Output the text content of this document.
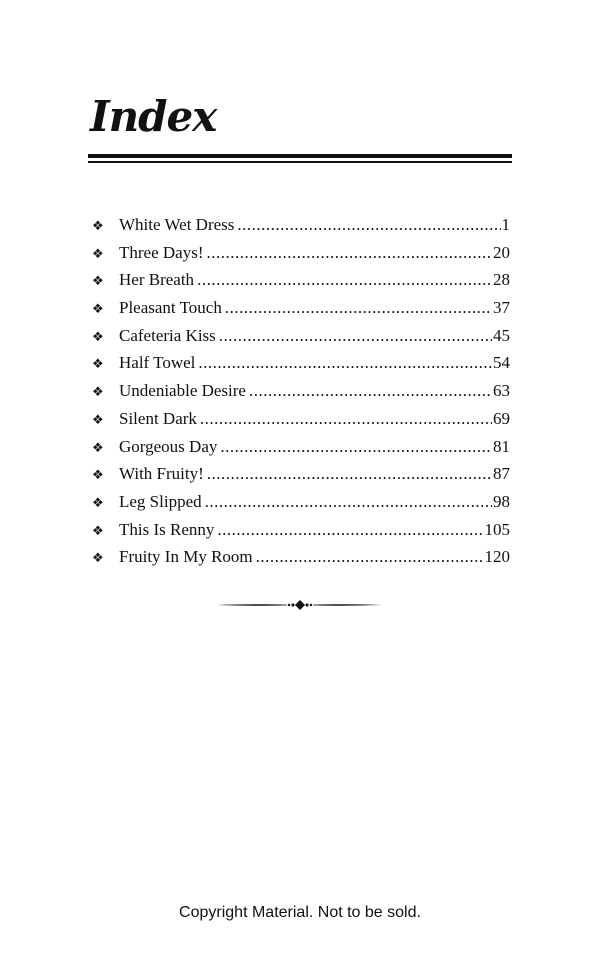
Index
❖ White Wet Dress .....	1
❖ Three Days! .....	20
❖ Her Breath .....	28
❖ Pleasant Touch .....	37
❖ Cafeteria Kiss .....	45
❖ Half Towel .....	54
❖ Undeniable Desire .....	63
❖ Silent Dark .....	69
❖ Gorgeous Day .....	81
❖ With Fruity! .....	87
❖ Leg Slipped .....	98
❖ This Is Renny .....	105
❖ Fruity In My Room .....	120
Copyright Material. Not to be sold.
